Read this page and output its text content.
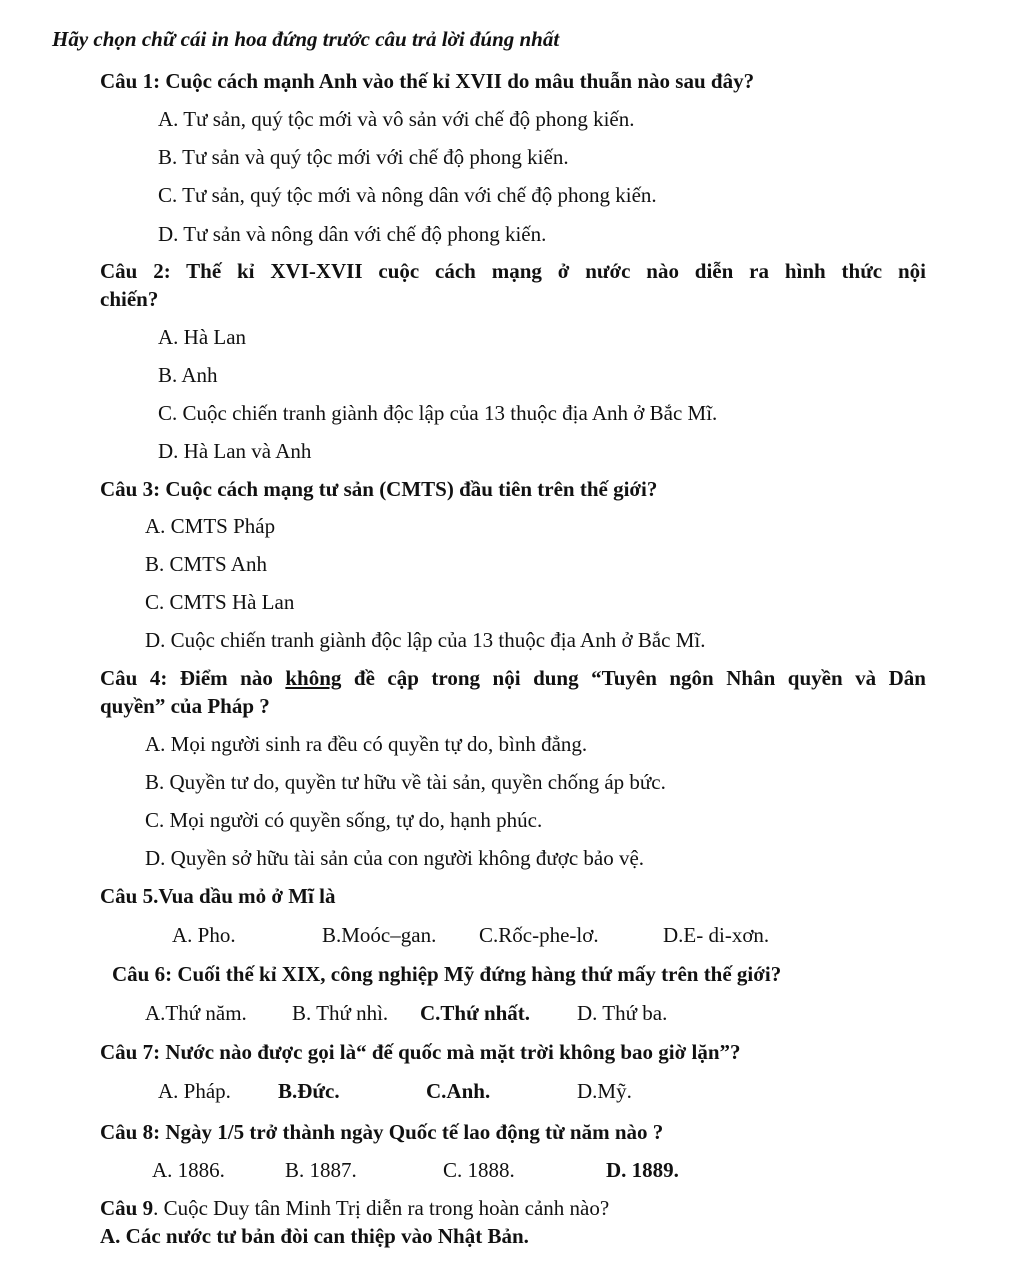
Hãy chọn chữ cái in hoa đứng trước câu trả lời đúng nhất
Câu 1: Cuộc cách mạnh Anh vào thế kỉ XVII do mâu thuẫn nào sau đây?
A. Tư sản, quý tộc mới và vô sản với chế độ phong kiến.
B. Tư sản và quý tộc mới với chế độ phong kiến.
C. Tư sản, quý tộc mới và nông dân với chế độ phong kiến.
D. Tư sản và nông dân với chế độ phong kiến.
Câu 2: Thế kỉ XVI-XVII cuộc cách mạng ở nước nào diễn ra hình thức nội
chiến?
A. Hà Lan
B. Anh
C. Cuộc chiến tranh giành độc lập của 13 thuộc địa Anh ở Bắc Mĩ.
D. Hà Lan và Anh
Câu 3: Cuộc cách mạng tư sản (CMTS) đầu tiên trên thế giới?
A. CMTS Pháp
B. CMTS Anh
C. CMTS Hà Lan
D. Cuộc chiến tranh giành độc lập của 13 thuộc địa Anh ở Bắc Mĩ.
Câu 4: Điểm nào không đề cập trong nội dung “Tuyên ngôn Nhân quyền và Dân
quyền” của Pháp ?
A. Mọi người sinh ra đều có quyền tự do, bình đẳng.
B. Quyền tư do, quyền tư hữu về tài sản, quyền chống áp bức.
C. Mọi người có quyền sống, tự do, hạnh phúc.
D. Quyền sở hữu tài sản của con người không được bảo vệ.
Câu 5.Vua dầu mỏ ở Mĩ là
A. Pho.	B.Moóc–gan. C.Rốc-phe-lơ.	D.E- di-xơn.
Câu 6: Cuối thế kỉ XIX, công nghiệp Mỹ đứng hàng thứ mấy trên thế giới?
A.Thứ năm. B. Thứ nhì. C.Thứ nhất. D. Thứ ba.
Câu 7: Nước nào được gọi là“ đế quốc mà mặt trời không bao giờ lặn”?
A. Pháp. B.Đức.	C.Anh.	D.Mỹ.
Câu 8: Ngày 1/5 trở thành ngày Quốc tế lao động từ năm nào ?
A. 1886.	B. 1887.	C. 1888.	D. 1889.
Câu 9. Cuộc Duy tân Minh Trị diễn ra trong hoàn cảnh nào?
A. Các nước tư bản đòi can thiệp vào Nhật Bản.
